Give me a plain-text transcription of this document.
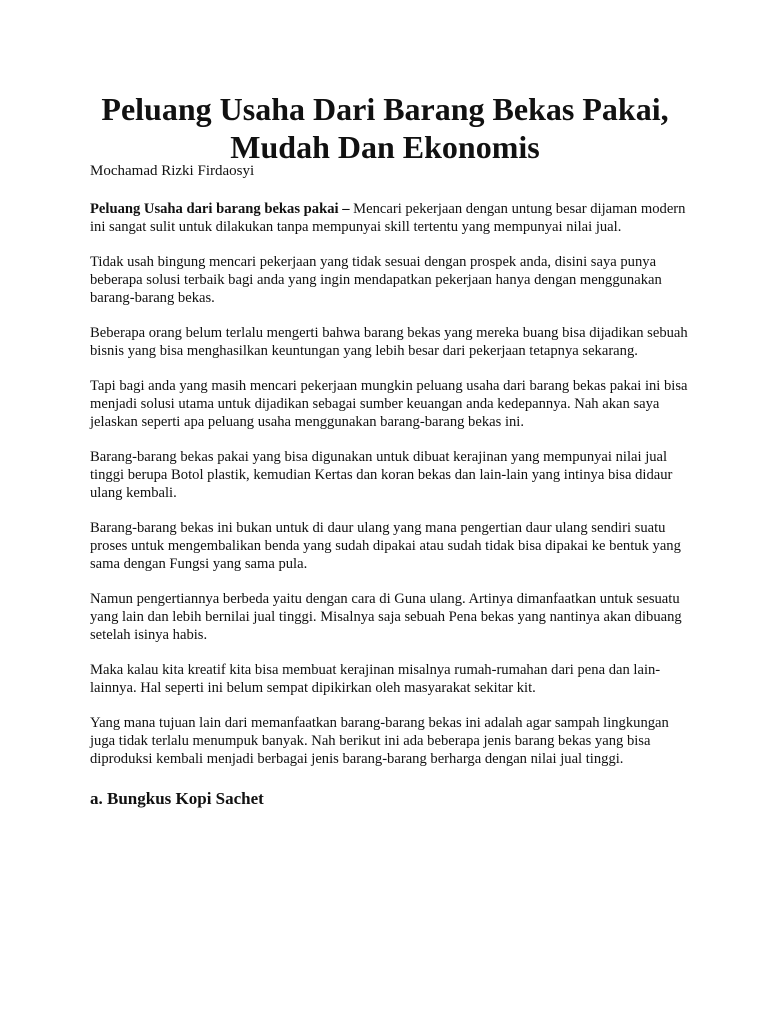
Peluang Usaha Dari Barang Bekas Pakai,
Mudah Dan Ekonomis

Mochamad Rizki Firdaosyi

Peluang Usaha dari barang bekas pakai – Mencari pekerjaan dengan untung besar dijaman modern ini sangat sulit untuk dilakukan tanpa mempunyai skill tertentu yang mempunyai nilai jual.

Tidak usah bingung mencari pekerjaan yang tidak sesuai dengan prospek anda, disini saya punya beberapa solusi terbaik bagi anda yang ingin mendapatkan pekerjaan hanya dengan menggunakan barang-barang bekas.

Beberapa orang belum terlalu mengerti bahwa barang bekas yang mereka buang bisa dijadikan sebuah bisnis yang bisa menghasilkan keuntungan yang lebih besar dari pekerjaan tetapnya sekarang.

Tapi bagi anda yang masih mencari pekerjaan mungkin peluang usaha dari barang bekas pakai ini bisa menjadi solusi utama untuk dijadikan sebagai sumber keuangan anda kedepannya. Nah akan saya jelaskan seperti apa peluang usaha menggunakan barang-barang bekas ini.

Barang-barang bekas pakai yang bisa digunakan untuk dibuat kerajinan yang mempunyai nilai jual tinggi berupa Botol plastik, kemudian Kertas dan koran bekas dan lain-lain yang intinya bisa didaur ulang kembali.

Barang-barang bekas ini bukan untuk di daur ulang yang mana pengertian daur ulang sendiri suatu proses untuk mengembalikan benda yang sudah dipakai atau sudah tidak bisa dipakai ke bentuk yang sama dengan Fungsi yang sama pula.

Namun pengertiannya berbeda yaitu dengan cara di Guna ulang. Artinya dimanfaatkan untuk sesuatu yang lain dan lebih bernilai jual tinggi. Misalnya saja sebuah Pena bekas yang nantinya akan dibuang setelah isinya habis.

Maka kalau kita kreatif kita bisa membuat kerajinan misalnya rumah-rumahan dari pena dan lain-lainnya. Hal seperti ini belum sempat dipikirkan oleh masyarakat sekitar kit.

Yang mana tujuan lain dari memanfaatkan barang-barang bekas ini adalah agar sampah lingkungan juga tidak terlalu menumpuk banyak. Nah berikut ini ada beberapa jenis barang bekas yang bisa diproduksi kembali menjadi berbagai jenis barang-barang berharga dengan nilai jual tinggi.

a. Bungkus Kopi Sachet
